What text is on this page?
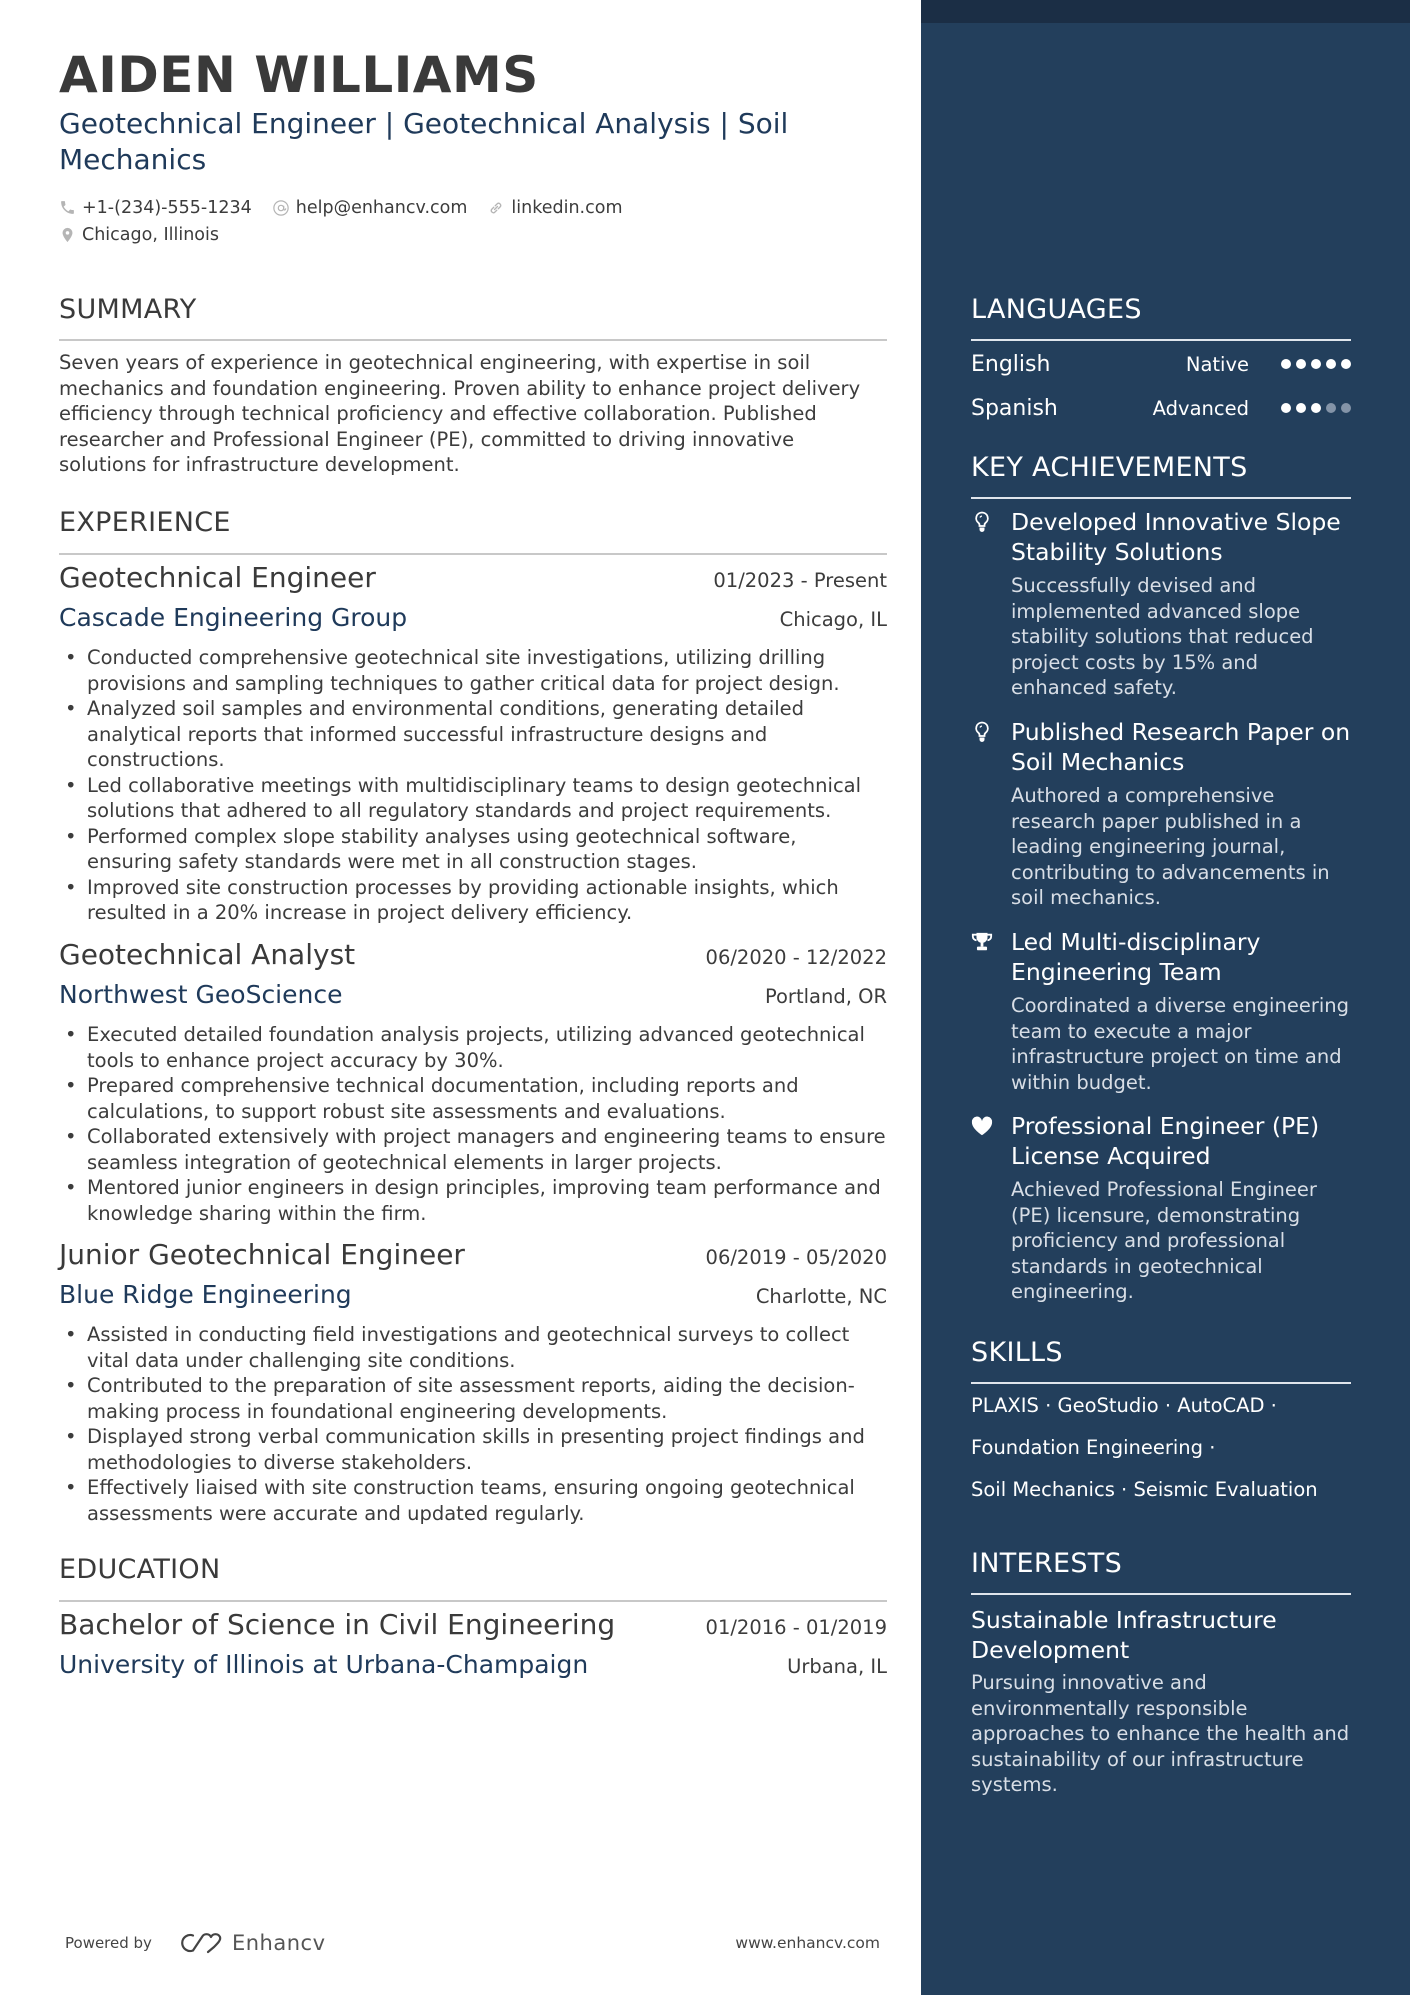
AIDEN WILLIAMS
Geotechnical Engineer | Geotechnical Analysis | Soil Mechanics
+1-(234)-555-1234	help@enhancv.com	linkedin.com
Chicago, Illinois
SUMMARY
Seven years of experience in geotechnical engineering, with expertise in soil mechanics and foundation engineering. Proven ability to enhance project delivery efficiency through technical proficiency and effective collaboration. Published researcher and Professional Engineer (PE), committed to driving innovative solutions for infrastructure development.
EXPERIENCE
Geotechnical Engineer	01/2023 - Present
Cascade Engineering Group	Chicago, IL
• Conducted comprehensive geotechnical site investigations, utilizing drilling provisions and sampling techniques to gather critical data for project design.
• Analyzed soil samples and environmental conditions, generating detailed analytical reports that informed successful infrastructure designs and constructions.
• Led collaborative meetings with multidisciplinary teams to design geotechnical solutions that adhered to all regulatory standards and project requirements.
• Performed complex slope stability analyses using geotechnical software, ensuring safety standards were met in all construction stages.
• Improved site construction processes by providing actionable insights, which resulted in a 20% increase in project delivery efficiency.
Geotechnical Analyst	06/2020 - 12/2022
Northwest GeoScience	Portland, OR
• Executed detailed foundation analysis projects, utilizing advanced geotechnical tools to enhance project accuracy by 30%.
• Prepared comprehensive technical documentation, including reports and calculations, to support robust site assessments and evaluations.
• Collaborated extensively with project managers and engineering teams to ensure seamless integration of geotechnical elements in larger projects.
• Mentored junior engineers in design principles, improving team performance and knowledge sharing within the firm.
Junior Geotechnical Engineer	06/2019 - 05/2020
Blue Ridge Engineering	Charlotte, NC
• Assisted in conducting field investigations and geotechnical surveys to collect vital data under challenging site conditions.
• Contributed to the preparation of site assessment reports, aiding the decision-making process in foundational engineering developments.
• Displayed strong verbal communication skills in presenting project findings and methodologies to diverse stakeholders.
• Effectively liaised with site construction teams, ensuring ongoing geotechnical assessments were accurate and updated regularly.
EDUCATION
Bachelor of Science in Civil Engineering	01/2016 - 01/2019
University of Illinois at Urbana-Champaign	Urbana, IL
LANGUAGES
English	Native
Spanish	Advanced
KEY ACHIEVEMENTS
Developed Innovative Slope Stability Solutions
Successfully devised and implemented advanced slope stability solutions that reduced project costs by 15% and enhanced safety.
Published Research Paper on Soil Mechanics
Authored a comprehensive research paper published in a leading engineering journal, contributing to advancements in soil mechanics.
Led Multi-disciplinary Engineering Team
Coordinated a diverse engineering team to execute a major infrastructure project on time and within budget.
Professional Engineer (PE) License Acquired
Achieved Professional Engineer (PE) licensure, demonstrating proficiency and professional standards in geotechnical engineering.
SKILLS
PLAXIS · GeoStudio · AutoCAD ·
Foundation Engineering ·
Soil Mechanics · Seismic Evaluation
INTERESTS
Sustainable Infrastructure Development
Pursuing innovative and environmentally responsible approaches to enhance the health and sustainability of our infrastructure systems.
Powered by	Enhancv	www.enhancv.com
